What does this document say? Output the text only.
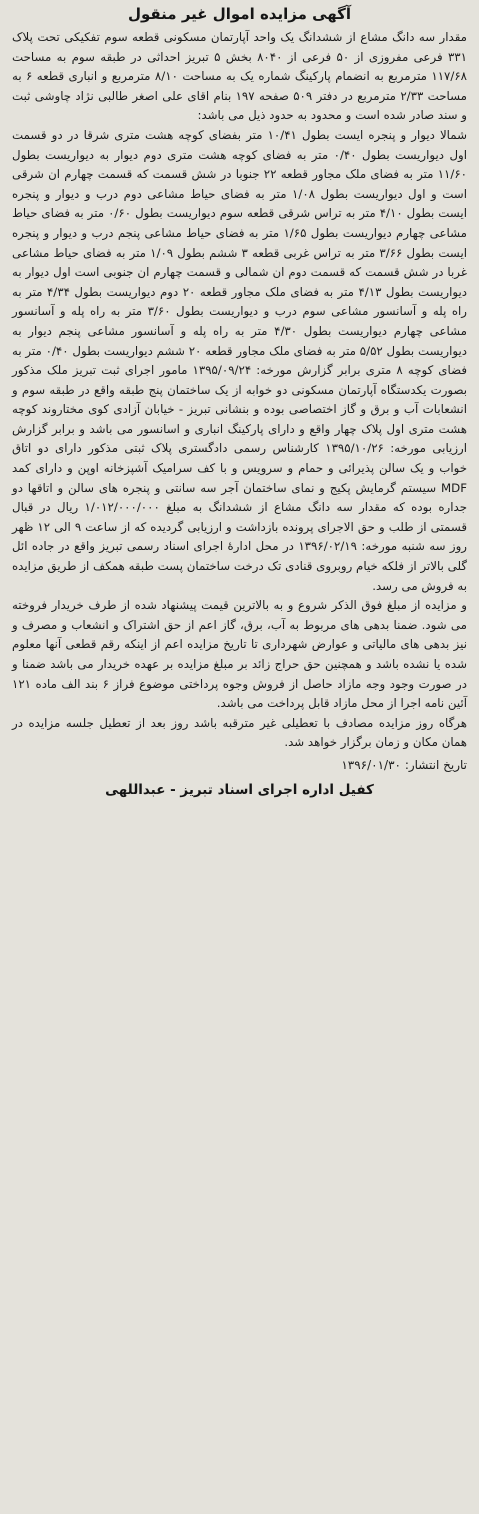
آگهی مزایده اموال غیر منقول

مقدار سه دانگ مشاع از ششدانگ یک واحد آپارتمان مسکونی قطعه سوم تفکیکی تحت پلاک ۳۳۱ فرعی مفروزی از ۵۰ فرعی از ۸۰۴۰ بخش ۵ تبریز احداثی در طبقه سوم به مساحت ۱۱۷/۶۸ مترمربع به انضمام پارکینگ شماره یک به مساحت ۸/۱۰ مترمربع و انباری قطعه ۶ به مساحت ۲/۳۳ مترمربع در دفتر ۵۰۹ صفحه ۱۹۷ بنام اقای علی اصغر طالبی نژاد چاوشی ثبت و سند صادر شده است و محدود به حدود ذیل می باشد:

شمالا دیوار و پنجره ایست بطول ۱۰/۴۱ متر بفضای کوچه هشت متری شرقا در دو قسمت اول دیواریست بطول ۰/۴۰ متر به فضای کوچه هشت متری دوم دیوار به دیواریست بطول ۱۱/۶۰ متر به فضای ملک مجاور قطعه ۲۲ جنوبا در شش قسمت که قسمت چهارم ان شرقی است و اول دیواریست بطول ۱/۰۸ متر به فضای حیاط مشاعی دوم درب و دیوار و پنجره ایست بطول ۴/۱۰ متر به تراس شرقی قطعه سوم دیواریست بطول ۰/۶۰ متر به فضای حیاط مشاعی چهارم دیواریست بطول ۱/۶۵ متر به فضای حیاط مشاعی پنجم درب و دیوار و پنجره ایست بطول ۳/۶۶ متر به تراس غربی قطعه ۳ ششم بطول ۱/۰۹ متر به فضای حیاط مشاعی غربا در شش قسمت که قسمت دوم ان شمالی و قسمت چهارم ان جنوبی است اول دیوار به دیواریست بطول ۴/۱۳ متر به فضای ملک مجاور قطعه ۲۰ دوم دیواریست بطول ۴/۳۴ متر به راه پله و آسانسور مشاعی سوم درب و دیواریست بطول ۳/۶۰ متر به راه پله و آسانسور مشاعی چهارم دیواریست بطول ۴/۳۰ متر به راه پله و آسانسور مشاعی پنجم دیوار به دیواریست بطول ۵/۵۲ متر به فضای ملک مجاور قطعه ۲۰ ششم دیواریست بطول ۰/۴۰ متر به فضای کوچه ۸ متری برابر گزارش مورخه: ۱۳۹۵/۰۹/۲۴ مامور اجرای ثبت تبریز ملک مذکور بصورت یکدستگاه آپارتمان مسکونی دو خوابه از یک ساختمان پنج طبقه واقع در طبقه سوم و انشعابات آب و برق و گاز اختصاصی بوده و بنشانی تبریز - خیابان آزادی کوی مختاروند کوچه هشت متری اول پلاک چهار واقع و دارای پارکینگ انباری و اسانسور می باشد و برابر گزارش ارزیابی مورخه: ۱۳۹۵/۱۰/۲۶ کارشناس رسمی دادگستری پلاک ثبتی مذکور دارای دو اتاق خواب و یک سالن پذیرائی و حمام و سرویس و با کف سرامیک آشپزخانه اوپن و دارای کمد MDF سیستم گرمایش پکیج و نمای ساختمان آجر سه سانتی و پنجره های سالن و اتاقها دو جداره بوده که مقدار سه دانگ مشاع از ششدانگ به مبلغ ۱/۰۱۲/۰۰۰/۰۰۰ ریال در قبال قسمتی از طلب و حق الاجرای پرونده بازداشت و ارزیابی گردیده که از ساعت ۹ الی ۱۲ ظهر روز سه شنبه مورخه: ۱۳۹۶/۰۲/۱۹ در محل ادارهٔ اجرای اسناد رسمی تبریز واقع در جاده ائل گلی بالاتر از فلکه خیام روبروی قنادی تک درخت ساختمان پست طبقه همکف از طریق مزایده به فروش می رسد.

و مزایده از مبلغ فوق الذکر شروع و به بالاترین قیمت پیشنهاد شده از طرف خریدار فروخته می شود. ضمنا بدهی های مربوط به آب، برق، گاز اعم از حق اشتراک و انشعاب و مصرف و نیز بدهی های مالیاتی و عوارض شهرداری تا تاریخ مزایده اعم از اینکه رقم قطعی آنها معلوم شده یا نشده باشد و همچنین حق حراج زائد بر مبلغ مزایده بر عهده خریدار می باشد ضمنا و در صورت وجود وجه مازاد حاصل از فروش وجوه پرداختی موضوع فراز ۶ بند الف ماده ۱۲۱ آئین نامه اجرا از محل مازاد قابل پرداخت می باشد.

هرگاه روز مزایده مصادف با تعطیلی غیر مترقبه باشد روز بعد از تعطیل جلسه مزایده در همان مکان و زمان برگزار خواهد شد.

تاریخ انتشار: ۱۳۹۶/۰۱/۳۰
کفیل اداره اجرای اسناد تبریز - عبداللهی
